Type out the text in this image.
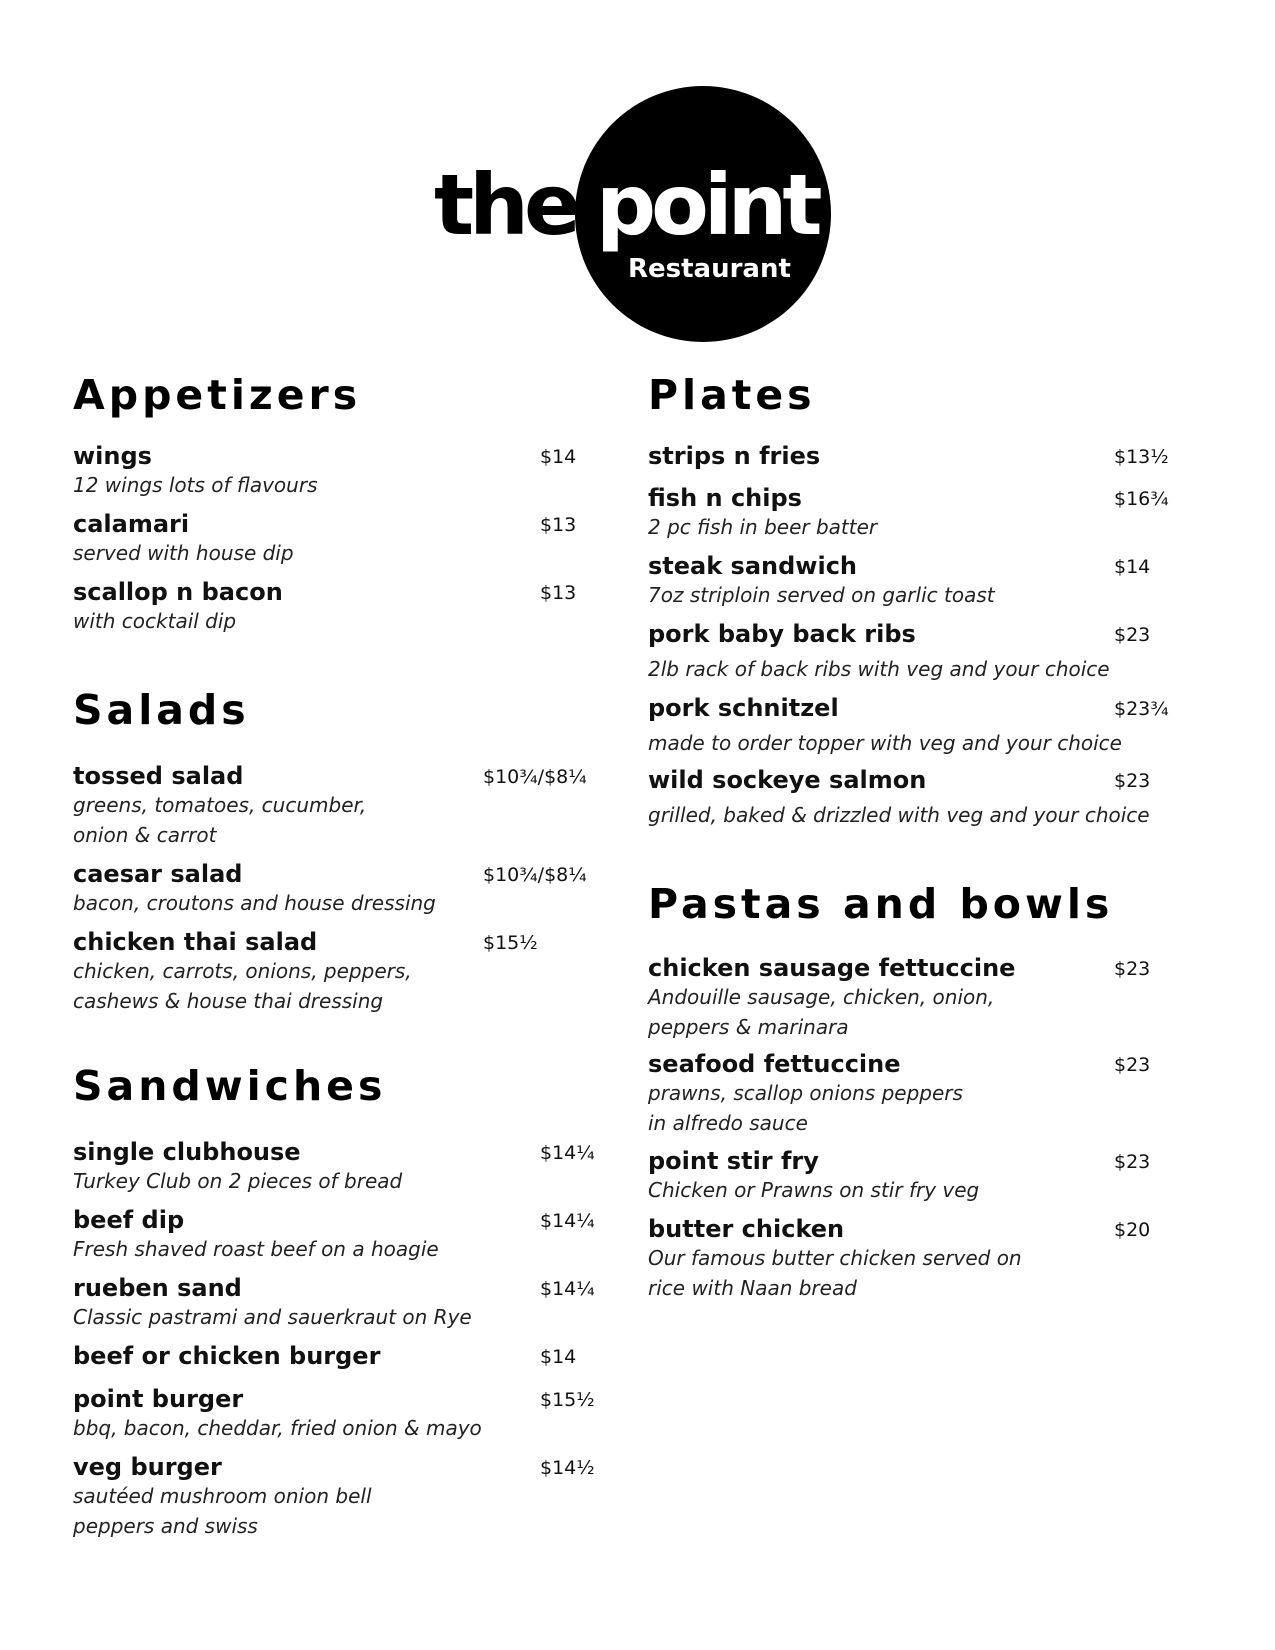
the point
Restaurant
Appetizers
wings	$14
12 wings lots of flavours
calamari	$13
served with house dip
scallop n bacon	$13
with cocktail dip
Salads
tossed salad	$10¾/$8¼
greens, tomatoes, cucumber,
onion & carrot
caesar salad	$10¾/$8¼
bacon, croutons and house dressing
chicken thai salad	$15½
chicken, carrots, onions, peppers,
cashews & house thai dressing
Sandwiches
single clubhouse	$14¼
Turkey Club on 2 pieces of bread
beef dip	$14¼
Fresh shaved roast beef on a hoagie
rueben sand	$14¼
Classic pastrami and sauerkraut on Rye
beef or chicken burger	$14
point burger	$15½
bbq, bacon, cheddar, fried onion & mayo
veg burger	$14½
sautéed mushroom onion bell
peppers and swiss
Plates
strips n fries	$13½
fish n chips	$16¾
2 pc fish in beer batter
steak sandwich	$14
7oz striploin served on garlic toast
pork baby back ribs	$23
2lb rack of back ribs with veg and your choice
pork schnitzel	$23¾
made to order topper with veg and your choice
wild sockeye salmon	$23
grilled, baked & drizzled with veg and your choice
Pastas and bowls
chicken sausage fettuccine	$23
Andouille sausage, chicken, onion,
peppers & marinara
seafood fettuccine	$23
prawns, scallop onions peppers
in alfredo sauce
point stir fry	$23
Chicken or Prawns on stir fry veg
butter chicken	$20
Our famous butter chicken served on
rice with Naan bread
